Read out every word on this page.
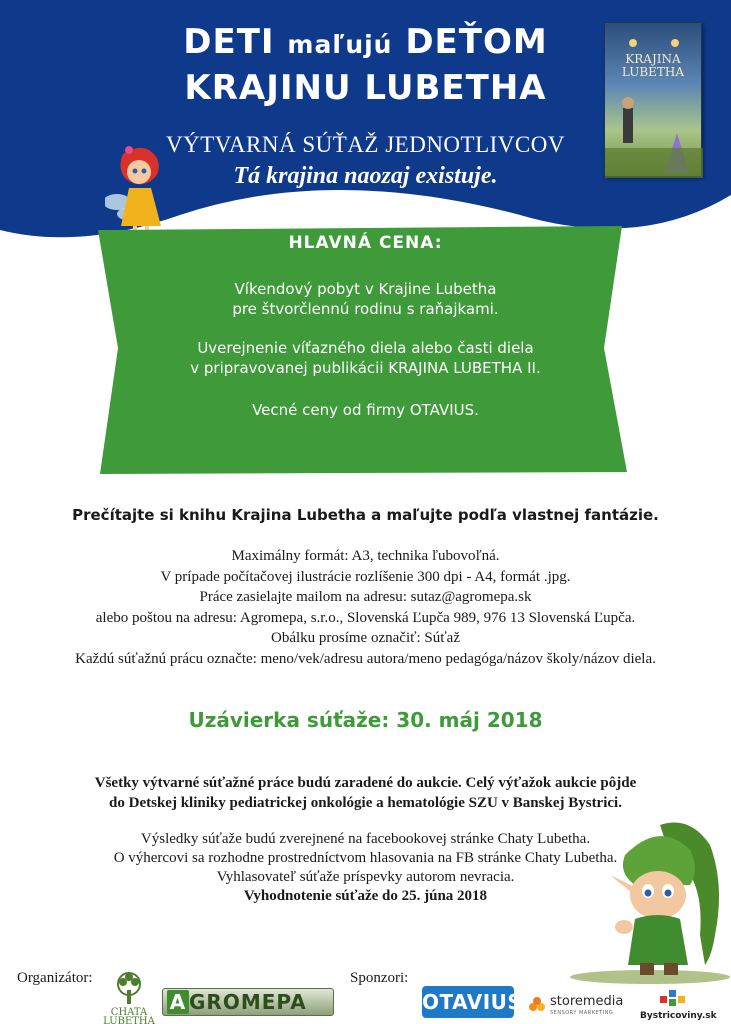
DETI maľujú DEŤOM
KRAJINU LUBETHA
VÝTVARNÁ SÚŤAŽ JEDNOTLIVCOV
Tá krajina naozaj existuje.
KRAJINA
LUBETHA
HLAVNÁ CENA:
Víkendový pobyt v Krajine Lubetha
pre štvorčlennú rodinu s raňajkami.
Uverejnenie víťazného diela alebo časti diela
v pripravovanej publikácii KRAJINA LUBETHA II.
Vecné ceny od firmy OTAVIUS.
Prečítajte si knihu Krajina Lubetha a maľujte podľa vlastnej fantázie.
Maximálny formát: A3, technika ľubovoľná.
V prípade počítačovej ilustrácie rozlíšenie 300 dpi - A4, formát .jpg.
Práce zasielajte mailom na adresu: sutaz@agromepa.sk
alebo poštou na adresu: Agromepa, s.r.o., Slovenská Ľupča 989, 976 13 Slovenská Ľupča.
Obálku prosíme označiť: Súťaž
Každú súťažnú prácu označte: meno/vek/adresu autora/meno pedagóga/názov školy/názov diela.
Uzávierka súťaže: 30. máj 2018
Všetky výtvarné súťažné práce budú zaradené do aukcie. Celý výťažok aukcie pôjde
do Detskej kliniky pediatrickej onkológie a hematológie SZU v Banskej Bystrici.
Výsledky súťaže budú zverejnené na facebookovej stránke Chaty Lubetha.
O výhercovi sa rozhodne prostredníctvom hlasovania na FB stránke Chaty Lubetha.
Vyhlasovateľ súťaže príspevky autorom nevracia.
Vyhodnotenie súťaže do 25. júna 2018
Organizátor:
CHATA
LUBETHA
A GROMEPA
Sponzori:
OTAVIUS storemedia
SENSORY MARKETING	Bystricoviny.sk
